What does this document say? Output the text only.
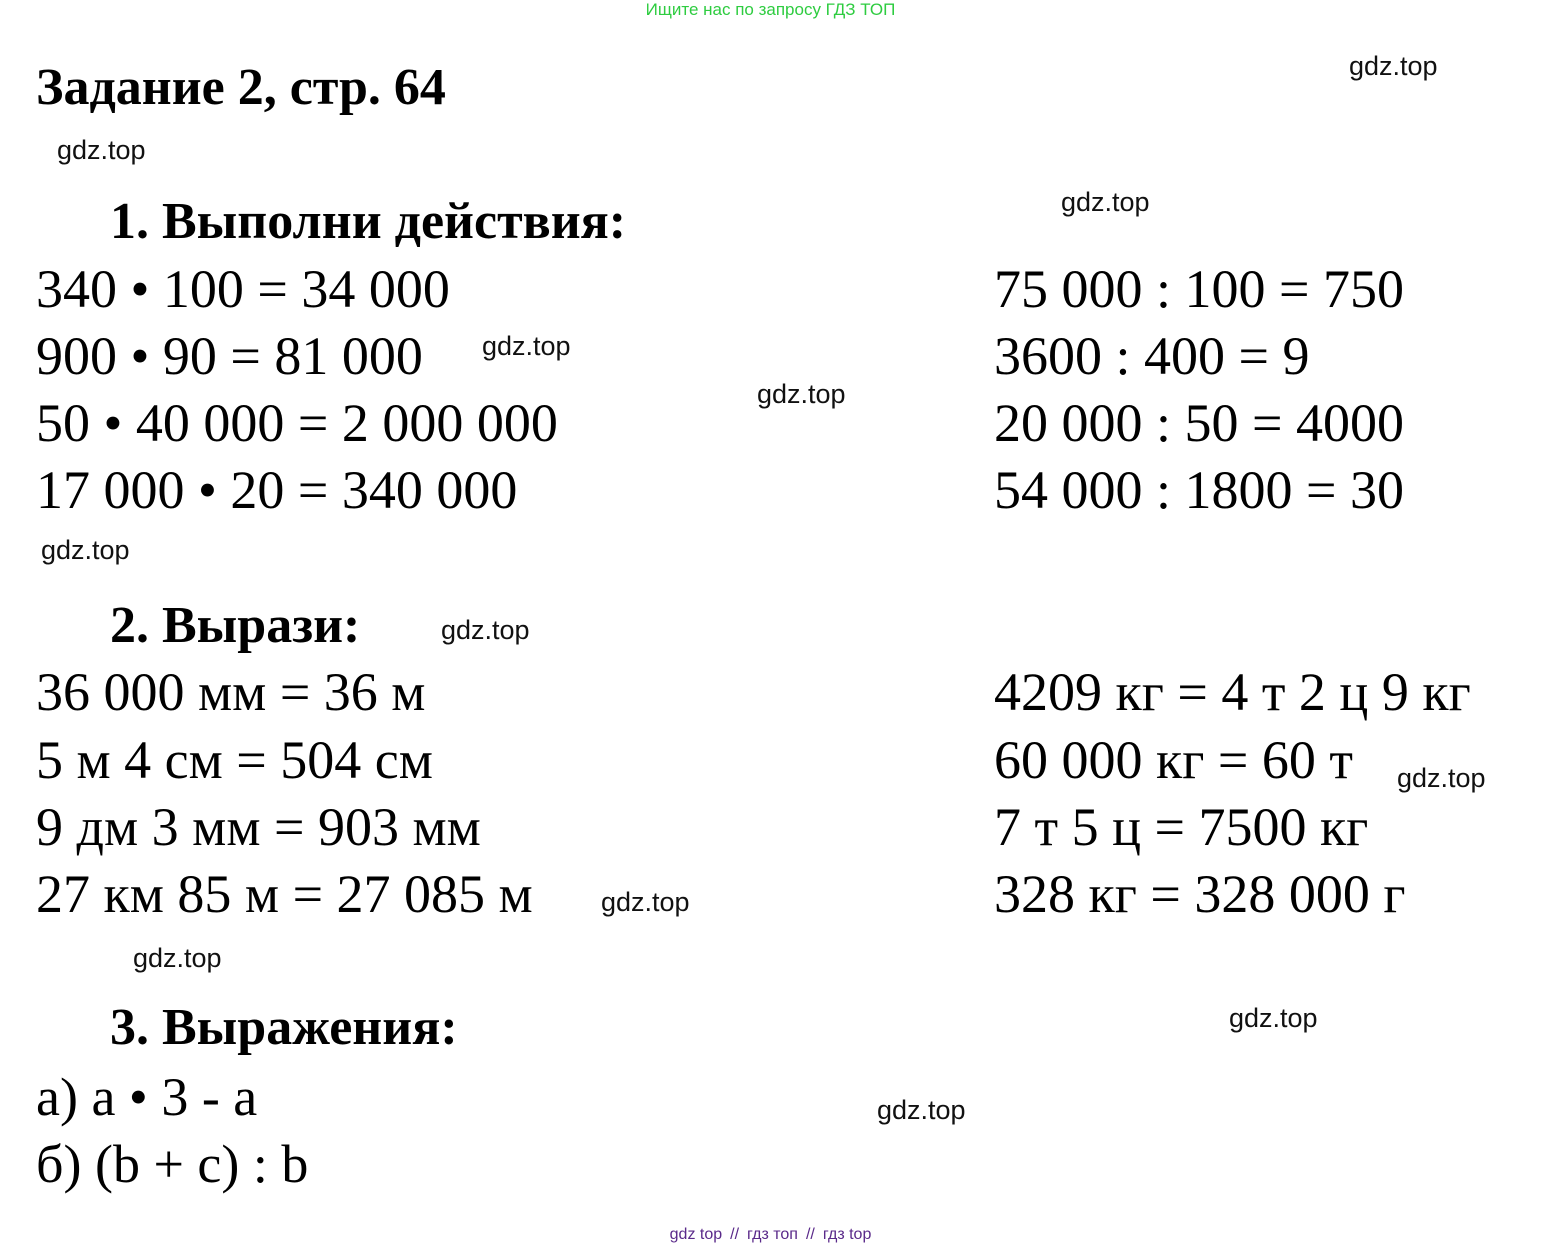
Ищите нас по запросу ГДЗ ТОП
Задание 2, стр. 64
1. Выполни действия:
340 • 100 = 34 000
900 • 90 = 81 000
50 • 40 000 = 2 000 000
17 000 • 20 = 340 000
75 000 : 100 = 750
3600 : 400 = 9
20 000 : 50 = 4000
54 000 : 1800 = 30
2. Вырази:
36 000 мм = 36 м
5 м 4 см = 504 см
9 дм 3 мм = 903 мм
27 км 85 м = 27 085 м
4209 кг = 4 т 2 ц 9 кг
60 000 кг = 60 т
7 т 5 ц = 7500 кг
328 кг = 328 000 г
3. Выражения:
а) а • 3 - а
б) (b + с) : b
gdz.top
gdz.top
gdz.top
gdz.top
gdz.top
gdz.top
gdz.top
gdz.top
gdz.top
gdz.top
gdz.top
gdz.top
gdz top // гдз топ // гдз top
